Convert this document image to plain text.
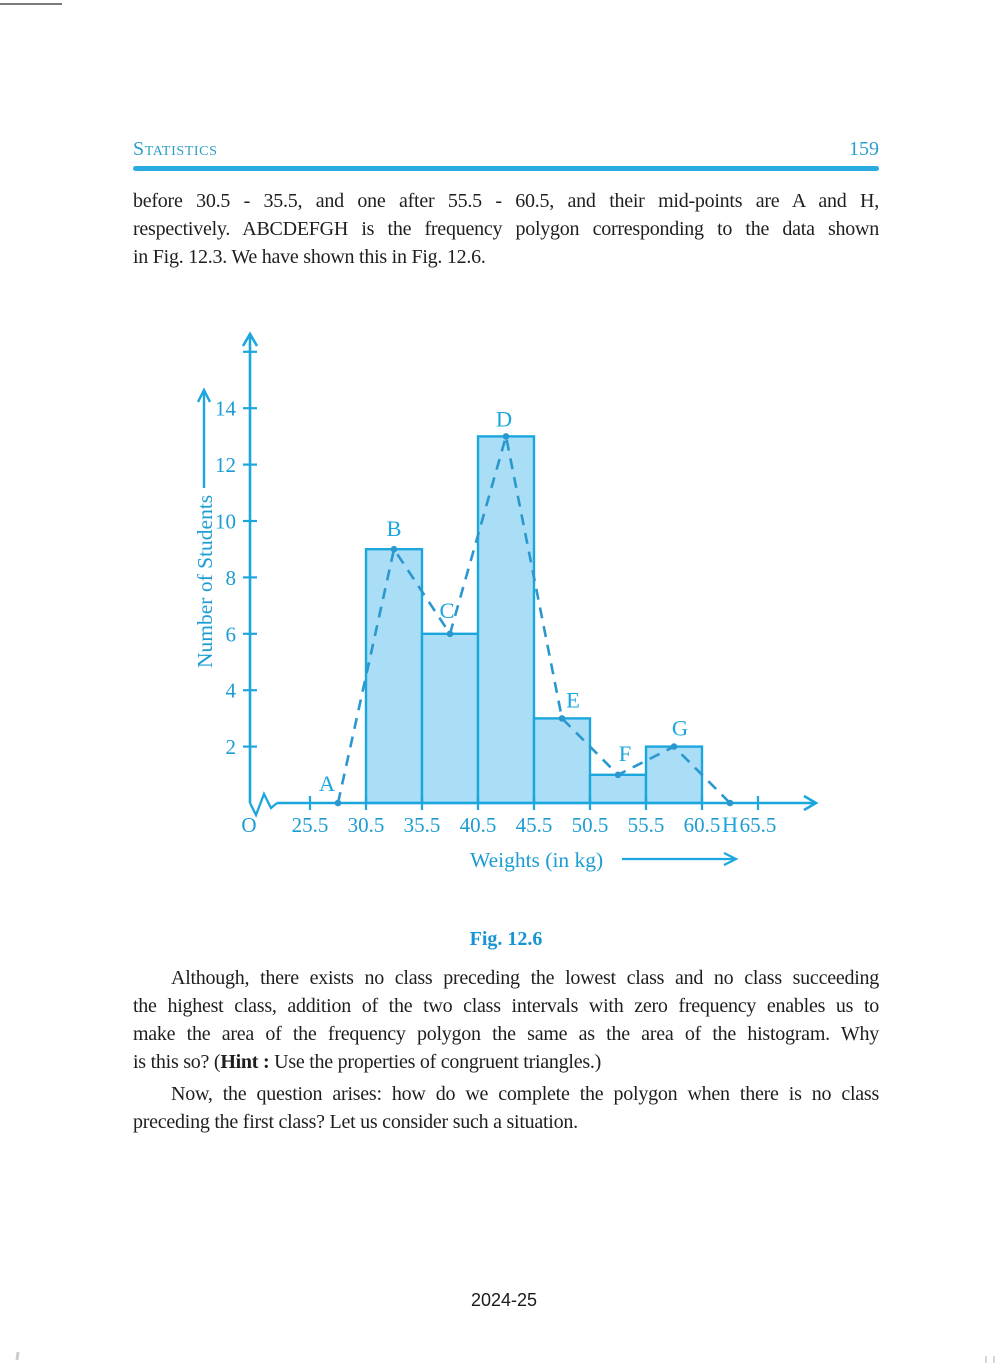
Statistics	159
before 30.5 - 35.5, and one after 55.5 - 60.5, and their mid-points are A and H,
respectively. ABCDEFGH is the frequency polygon corresponding to the data shown
in Fig. 12.3. We have shown this in Fig. 12.6.
2
4
6
8
10
12
14
25.5 30.5 35.5 40.5 45.5 50.5 55.5 60.5 65.5
O
A
B
C
D
E
F
G
H
Number of Students
Weights (in kg)
Fig. 12.6
Although, there exists no class preceding the lowest class and no class succeeding
the highest class, addition of the two class intervals with zero frequency enables us to
make the area of the frequency polygon the same as the area of the histogram. Why
is this so? (Hint : Use the properties of congruent triangles.)
Now, the question arises: how do we complete the polygon when there is no class
preceding the first class? Let us consider such a situation.
2024-25
